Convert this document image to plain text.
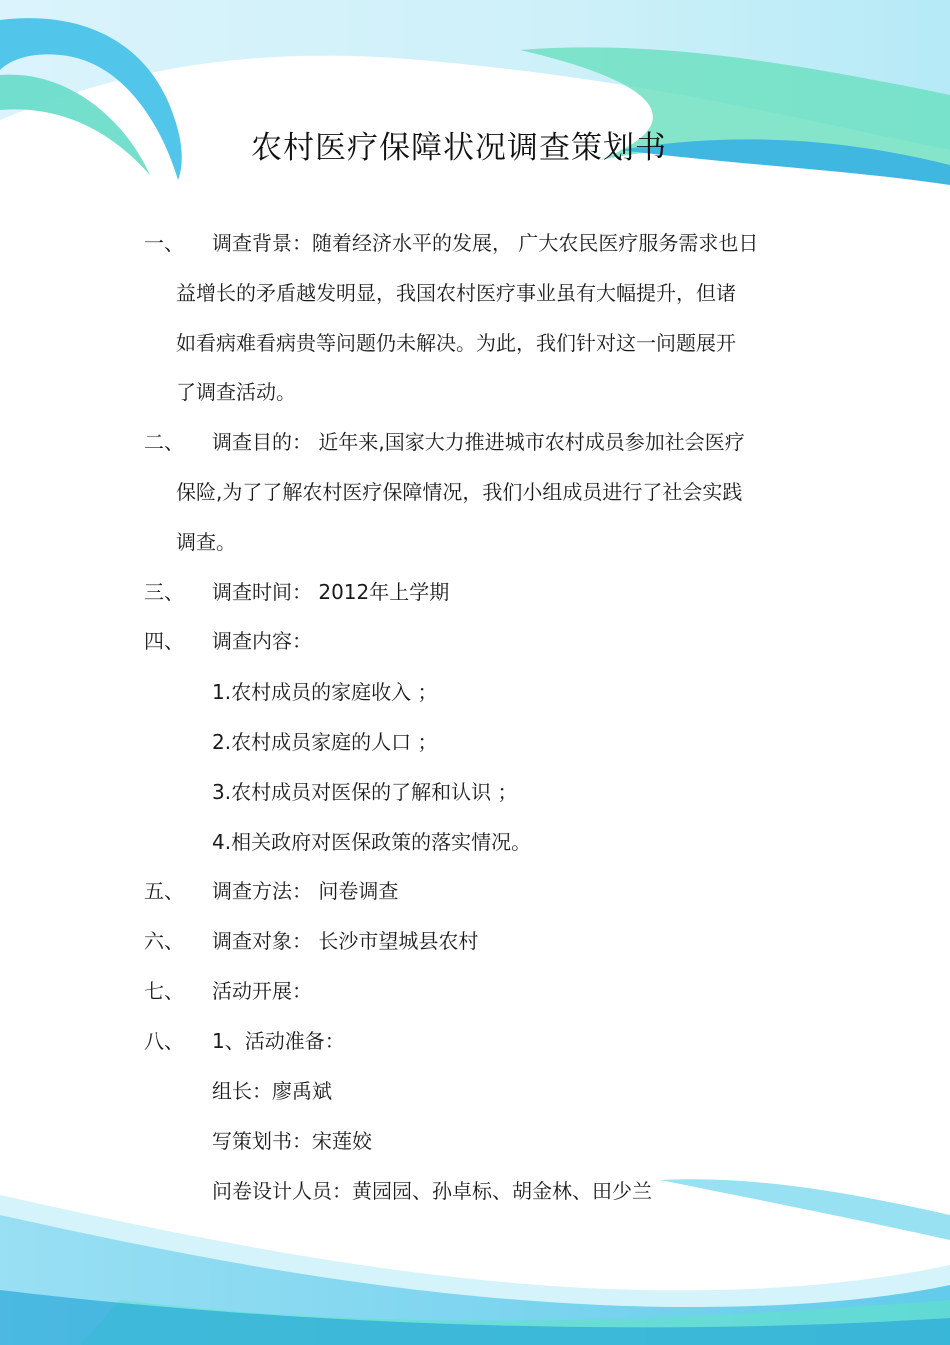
农村医疗保障状况调查策划书
一、 调查背景：随着经济水平的发展， 广大农民医疗服务需求也日
益增长的矛盾越发明显，我国农村医疗事业虽有大幅提升，但诸
如看病难看病贵等问题仍未解决。为此，我们针对这一问题展开
了调查活动。
二、 调查目的： 近年来,国家大力推进城市农村成员参加社会医疗
保险,为了了解农村医疗保障情况，我们小组成员进行了社会实践
调查。
三、 调查时间： 2012年上学期
四、 调查内容：
1.农村成员的家庭收入 ；
2.农村成员家庭的人口 ；
3.农村成员对医保的了解和认识 ；
4.相关政府对医保政策的落实情况。
五、 调查方法： 问卷调查
六、 调查对象： 长沙市望城县农村
七、 活动开展：
八、 1、活动准备：
组长：廖禹斌
写策划书：宋莲姣
问卷设计人员：黄园园、孙卓标、胡金林、田少兰
